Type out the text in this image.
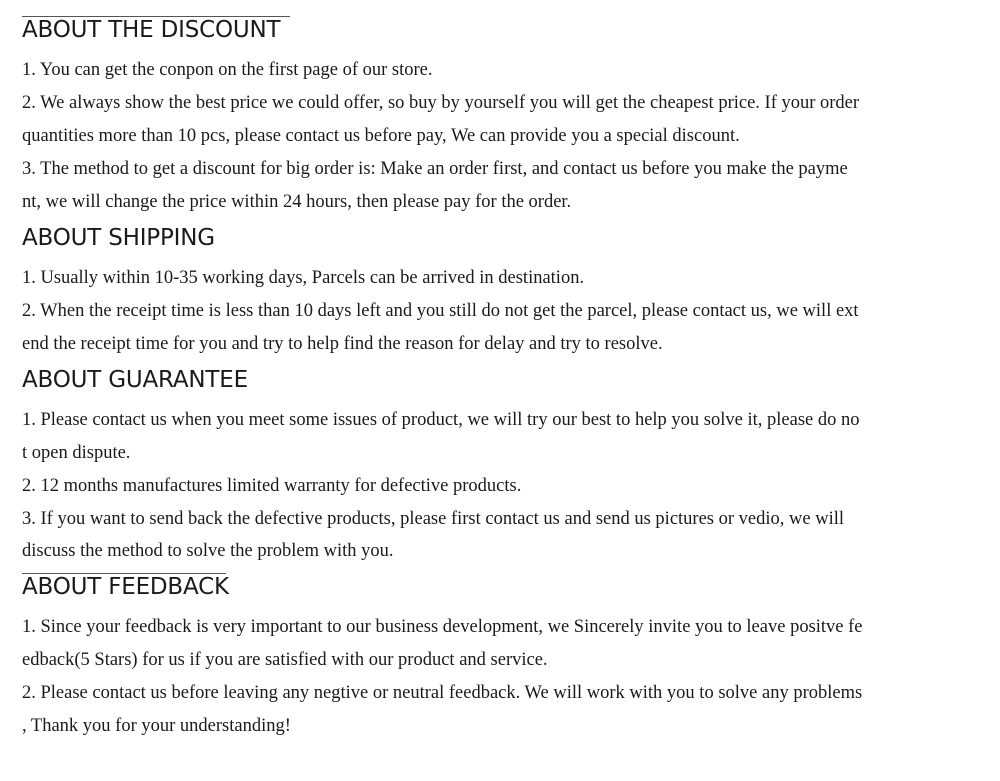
ABOUT THE DISCOUNT

1. You can get the conpon on the first page of our store.

2. We always show the best price we could offer, so buy by yourself you will get the cheapest price. If your order

quantities more than 10 pcs, please contact us before pay, We can provide you a special discount.

3. The method to get a discount for big order is: Make an order first, and contact us before you make the payme

nt, we will change the price within 24 hours, then please pay for the order.

ABOUT SHIPPING

1. Usually within 10-35 working days, Parcels can be arrived in destination.

2. When the receipt time is less than 10 days left and you still do not get the parcel, please contact us, we will ext

end the receipt time for you and try to help find the reason for delay and try to resolve.

ABOUT GUARANTEE

1. Please contact us when you meet some issues of product, we will try our best to help you solve it, please do no

t open dispute.

2. 12 months manufactures limited warranty for defective products.

3. If you want to send back the defective products, please first contact us and send us pictures or vedio, we will

discuss the method to solve the problem with you.

ABOUT FEEDBACK

1. Since your feedback is very important to our business development, we Sincerely invite you to leave positve fe

edback(5 Stars) for us if you are satisfied with our product and service.

2. Please contact us before leaving any negtive or neutral feedback. We will work with you to solve any problems

, Thank you for your understanding!
